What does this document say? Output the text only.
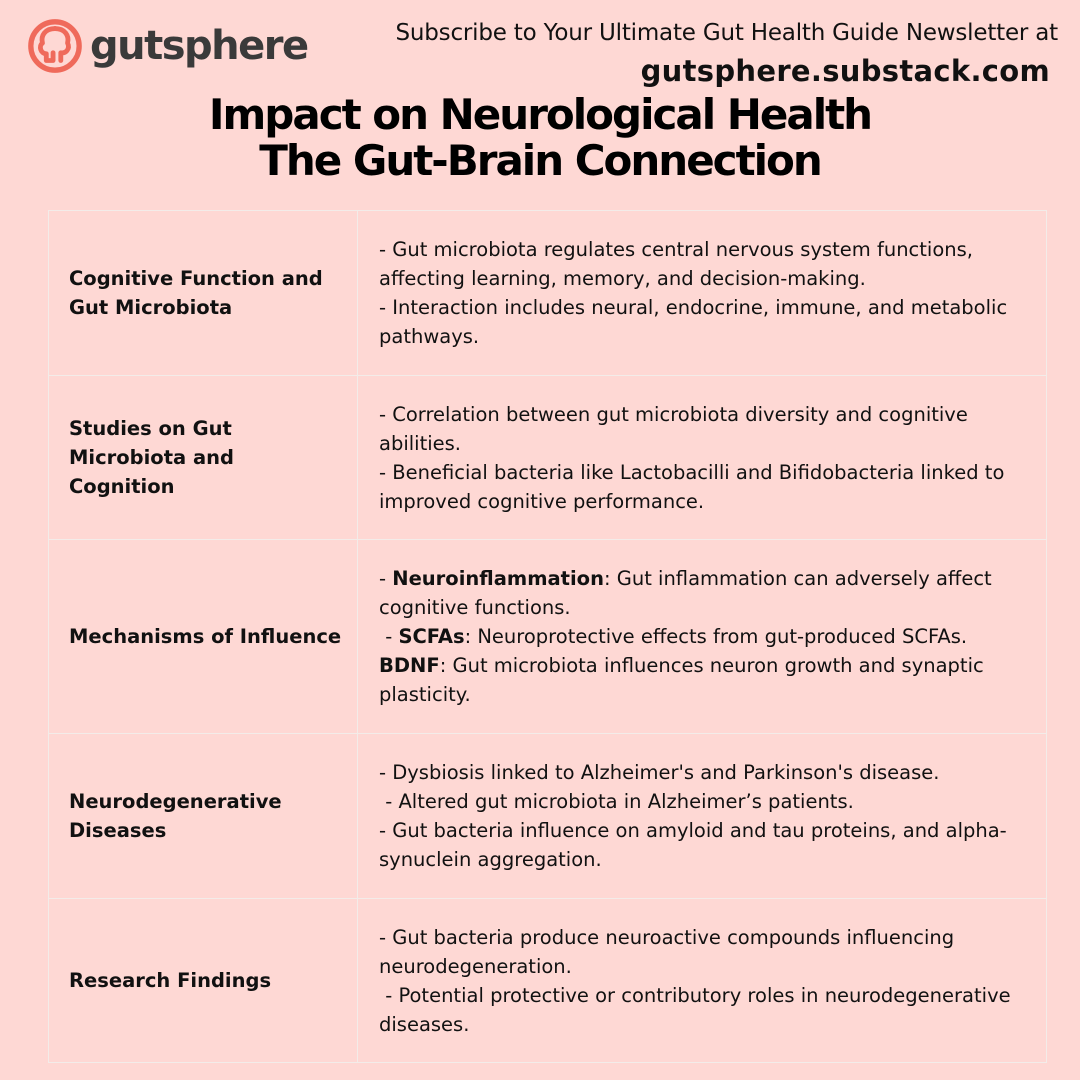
gutsphere	Subscribe to Your Ultimate Gut Health Guide Newsletter at
gutsphere.substack.com
Impact on Neurological Health
The Gut-Brain Connection
Cognitive Function and Gut Microbiota	- Gut microbiota regulates central nervous system functions, affecting learning, memory, and decision-making.

- Interaction includes neural, endocrine, immune, and metabolic pathways.

Studies on Gut Microbiota and Cognition	- Correlation between gut microbiota diversity and cognitive abilities.

- Beneficial bacteria like Lactobacilli and Bifidobacteria linked to improved cognitive performance.

Mechanisms of Influence	- Neuroinflammation: Gut inflammation can adversely affect cognitive functions.

- SCFAs: Neuroprotective effects from gut-produced SCFAs.

BDNF: Gut microbiota influences neuron growth and synaptic plasticity.

Neurodegenerative Diseases	- Dysbiosis linked to Alzheimer's and Parkinson's disease.

- Altered gut microbiota in Alzheimer’s patients.

- Gut bacteria influence on amyloid and tau proteins, and alpha-synuclein aggregation.

Research Findings	- Gut bacteria produce neuroactive compounds influencing neurodegeneration.

- Potential protective or contributory roles in neurodegenerative diseases.
